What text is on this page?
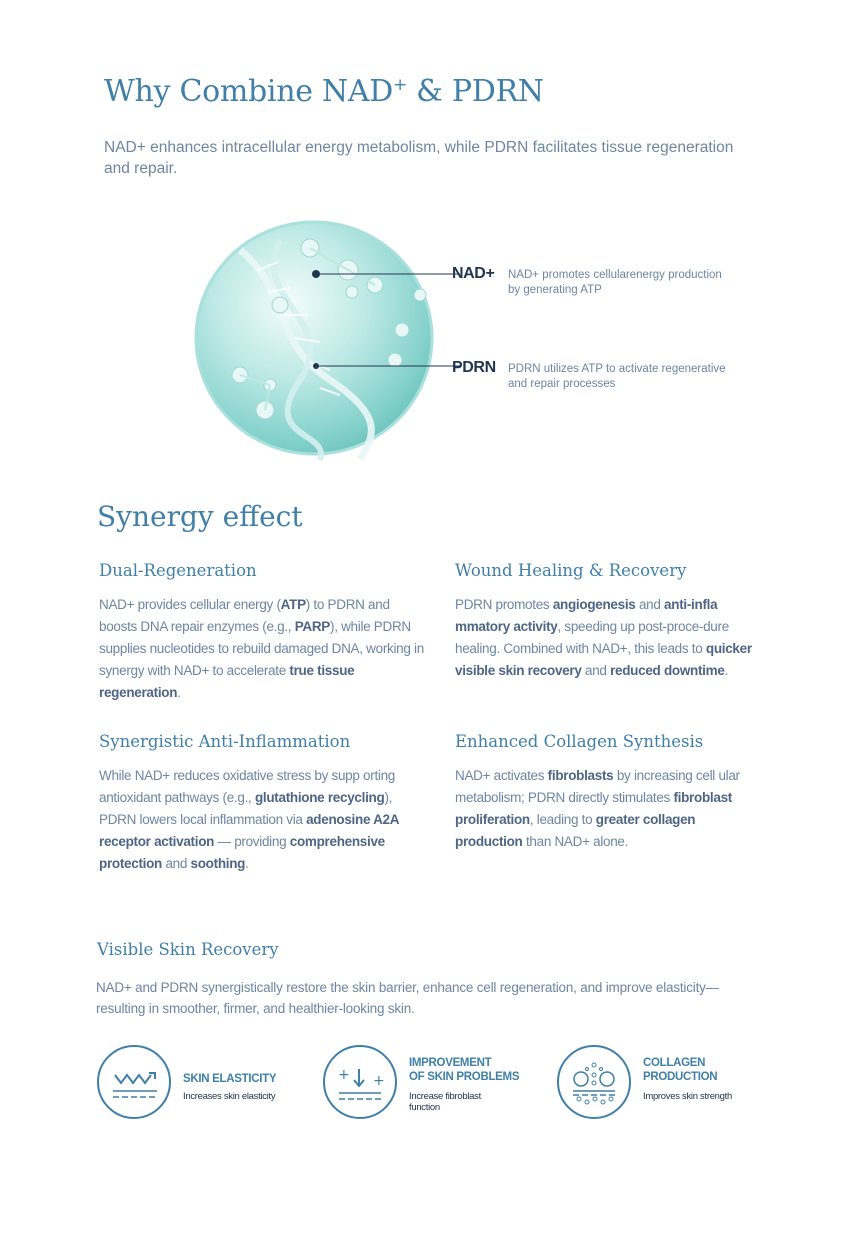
Why Combine NAD+ & PDRN
NAD+ enhances intracellular energy metabolism, while PDRN facilitates tissue regeneration and repair.
NAD+ NAD+ promotes cellularenergy production by generating ATP
PDRN PDRN utilizes ATP to activate regenerative and repair processes
Synergy effect
Dual-Regeneration

NAD+ provides cellular energy (ATP) to PDRN and boosts DNA repair enzymes (e.g., PARP), while PDRN supplies nucleotides to rebuild damaged DNA, working in synergy with NAD+ to accelerate true tissue regeneration.

Wound Healing & Recovery

PDRN promotes angiogenesis and anti-infla mmatory activity, speeding up post-proce-dure healing. Combined with NAD+, this leads to quicker visible skin recovery and reduced downtime.

Synergistic Anti-Inflammation

While NAD+ reduces oxidative stress by supp orting antioxidant pathways (e.g., glutathione recycling), PDRN lowers local inflammation via adenosine A2A receptor activation — providing comprehensive protection and soothing.

Enhanced Collagen Synthesis

NAD+ activates fibroblasts by increasing cell ular metabolism; PDRN directly stimulates fibroblast proliferation, leading to greater collagen production than NAD+ alone.

Visible Skin Recovery
NAD+ and PDRN synergistically restore the skin barrier, enhance cell regeneration, and improve elasticity—resulting in smoother, firmer, and healthier-looking skin.
SKIN ELASTICITY
Increases skin elasticity
+ +
IMPROVEMENT
OF SKIN PROBLEMS
Increase fibroblast function
COLLAGEN
PRODUCTION
Improves skin strength
